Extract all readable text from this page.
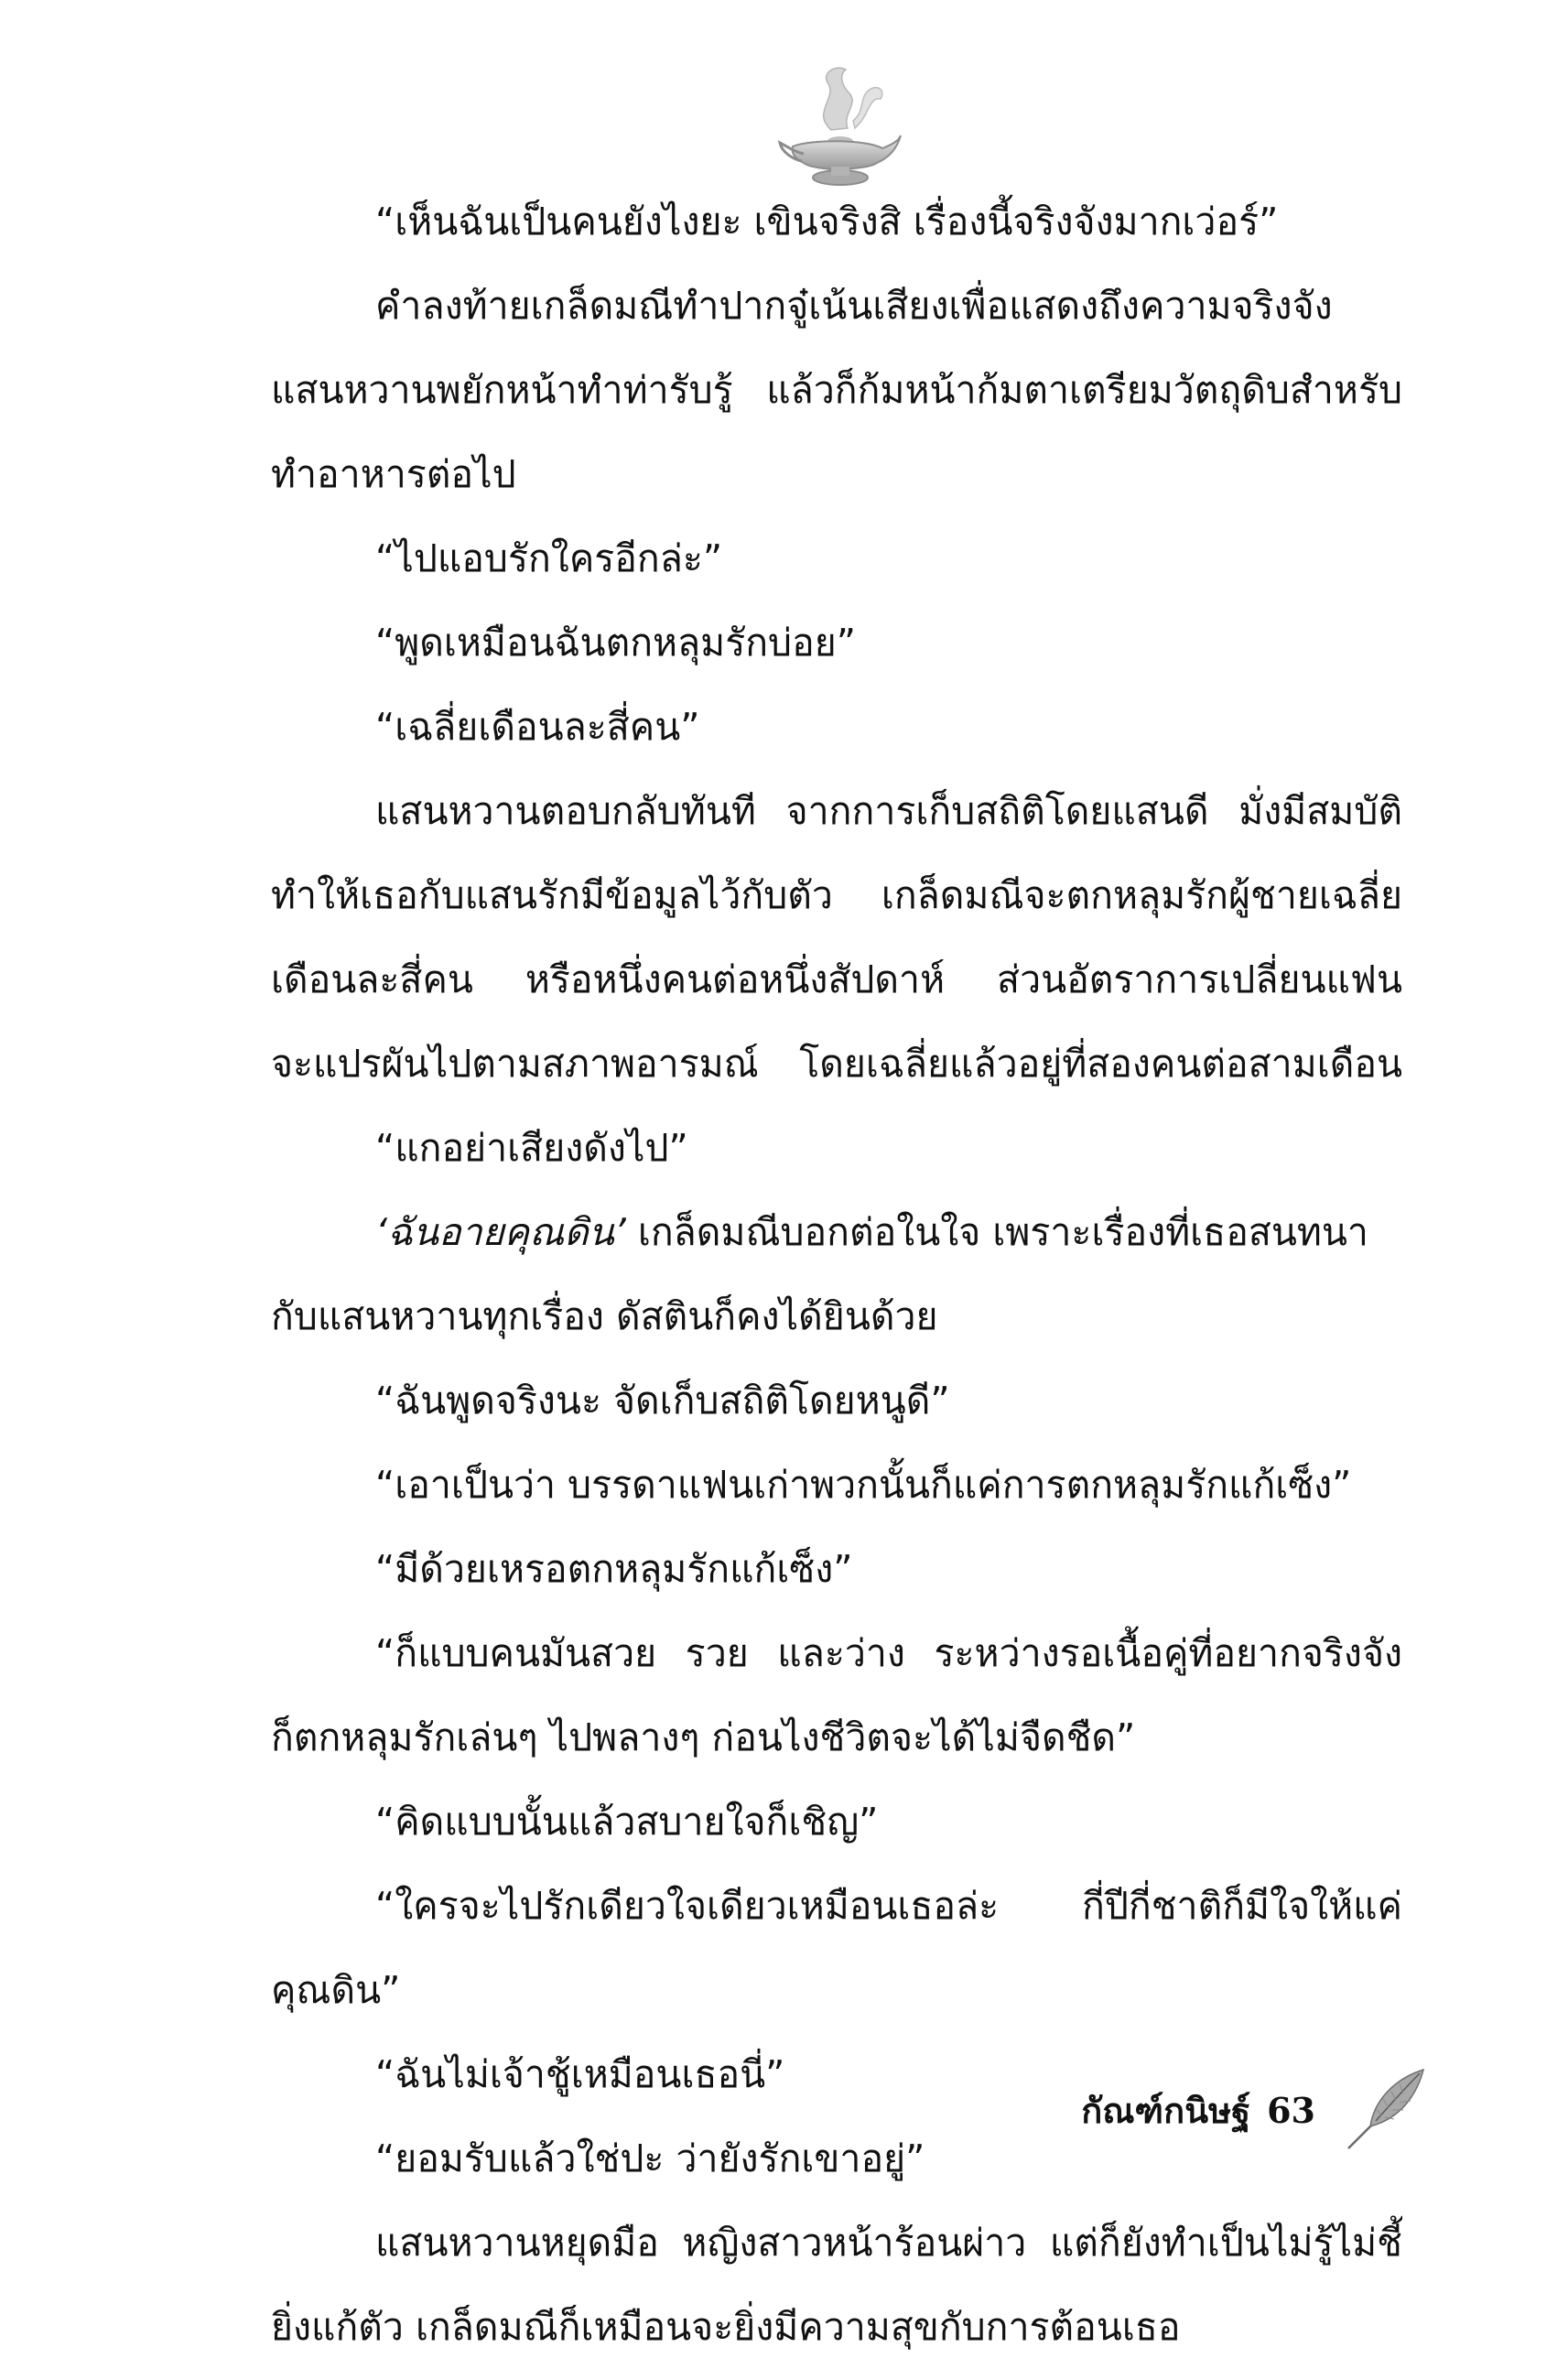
“เห็นฉันเป็นคนยังไงยะ เขินจริงสิ เรื่องนี้จริงจังมากเว่อร์”
คำลงท้ายเกล็ดมณีทำปากจู๋เน้นเสียงเพื่อแสดงถึงความจริงจัง
แสนหวานพยักหน้าทำท่ารับรู้ แล้วก็ก้มหน้าก้มตาเตรียมวัตถุดิบสำหรับ
ทำอาหารต่อไป
“ไปแอบรักใครอีกล่ะ”
“พูดเหมือนฉันตกหลุมรักบ่อย”
“เฉลี่ยเดือนละสี่คน”
แสนหวานตอบกลับทันที จากการเก็บสถิติโดยแสนดี มั่งมีสมบัติ
ทำให้เธอกับแสนรักมีข้อมูลไว้กับตัว เกล็ดมณีจะตกหลุมรักผู้ชายเฉลี่ย
เดือนละสี่คน หรือหนึ่งคนต่อหนึ่งสัปดาห์ ส่วนอัตราการเปลี่ยนแฟน
จะแปรผันไปตามสภาพอารมณ์ โดยเฉลี่ยแล้วอยู่ที่สองคนต่อสามเดือน
“แกอย่าเสียงดังไป”
‘ฉันอายคุณดิน’ เกล็ดมณีบอกต่อในใจ เพราะเรื่องที่เธอสนทนา
กับแสนหวานทุกเรื่อง ดัสตินก็คงได้ยินด้วย
“ฉันพูดจริงนะ จัดเก็บสถิติโดยหนูดี”
“เอาเป็นว่า บรรดาแฟนเก่าพวกนั้นก็แค่การตกหลุมรักแก้เซ็ง”
“มีด้วยเหรอตกหลุมรักแก้เซ็ง”
“ก็แบบคนมันสวย รวย และว่าง ระหว่างรอเนื้อคู่ที่อยากจริงจัง
ก็ตกหลุมรักเล่นๆ ไปพลางๆ ก่อนไงชีวิตจะได้ไม่จืดชืด”
“คิดแบบนั้นแล้วสบายใจก็เชิญ”
“ใครจะไปรักเดียวใจเดียวเหมือนเธอล่ะ กี่ปีกี่ชาติก็มีใจให้แค่
คุณดิน”
“ฉันไม่เจ้าชู้เหมือนเธอนี่”
“ยอมรับแล้วใช่ปะ ว่ายังรักเขาอยู่”
แสนหวานหยุดมือ หญิงสาวหน้าร้อนผ่าว แต่ก็ยังทำเป็นไม่รู้ไม่ชี้
ยิ่งแก้ตัว เกล็ดมณีก็เหมือนจะยิ่งมีความสุขกับการต้อนเธอ
กัณฑ์กนิษฐ์ 63
